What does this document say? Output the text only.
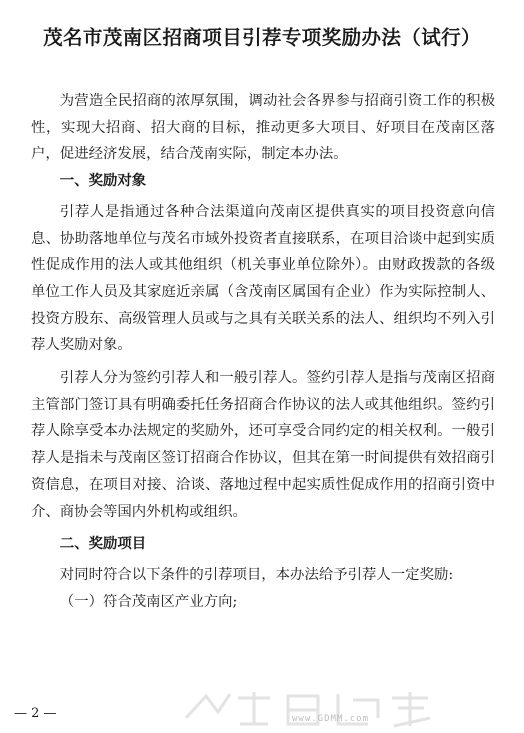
茂名市茂南区招商项目引荐专项奖励办法（试行）

为营造全民招商的浓厚氛围，调动社会各界参与招商引资工作的积极性，实现大招商、招大商的目标，推动更多大项目、好项目在茂南区落户，促进经济发展，结合茂南实际，制定本办法。

一、奖励对象

引荐人是指通过各种合法渠道向茂南区提供真实的项目投资意向信息、协助落地单位与茂名市域外投资者直接联系，在项目洽谈中起到实质性促成作用的法人或其他组织（机关事业单位除外）。由财政拨款的各级单位工作人员及其家庭近亲属（含茂南区属国有企业）作为实际控制人、投资方股东、高级管理人员或与之具有关联关系的法人、组织均不列入引荐人奖励对象。

引荐人分为签约引荐人和一般引荐人。签约引荐人是指与茂南区招商主管部门签订具有明确委托任务招商合作协议的法人或其他组织。签约引荐人除享受本办法规定的奖励外，还可享受合同约定的相关权利。一般引荐人是指未与茂南区签订招商合作协议，但其在第一时间提供有效招商引资信息，在项目对接、洽谈、落地过程中起实质性促成作用的招商引资中介、商协会等国内外机构或组织。

二、奖励项目

对同时符合以下条件的引荐项目，本办法给予引荐人一定奖励:

（一）符合茂南区产业方向;

— 2 —	www.GDMM.com
